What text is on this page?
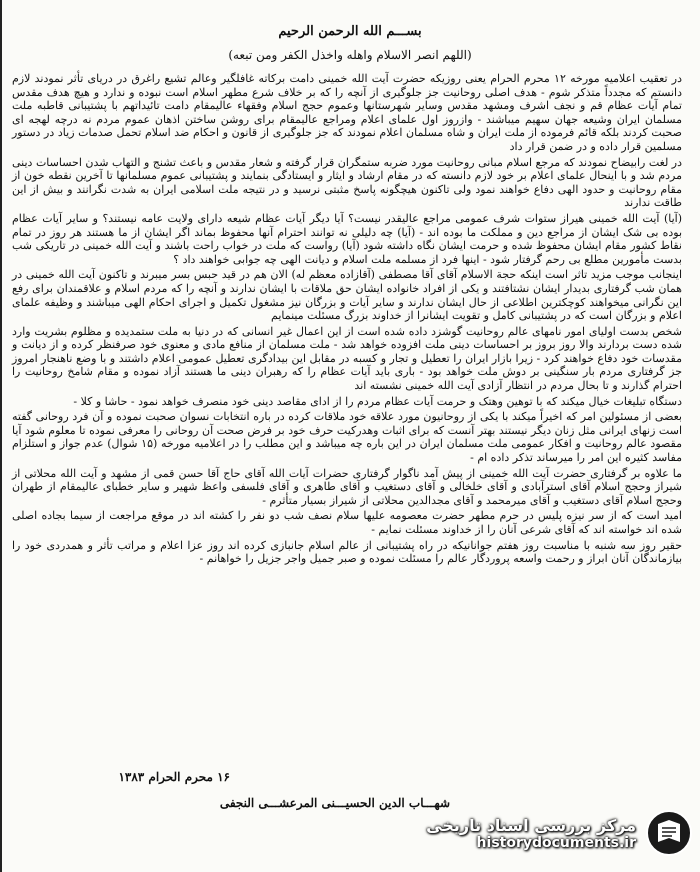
بســـم الله الرحمن الرحيم
(اللهم انصر الاسلام واهله واخذل الکفر ومن تبعه)

در تعقیب اعلامیه مورخه ۱۲ محرم الحرام یعنی روزیکه حضرت آیت الله خمینی دامت برکاته غافلگیر وعالم تشیع راغرق در دریای تأثر نمودند لازم دانستم که مجدداً متذکر شوم - هدف اصلی روحانیت جز جلوگیری از آنچه را که بر خلاف شرع مطهر اسلام است نبوده و ندارد و هیچ هدف مقدس تمام آیات عظام قم و نجف اشرف ومشهد مقدس وسایر شهرستانها وعموم حجج اسلام وفقهاء عالیمقام دامت تائیداتهم با پشتیبانی قاطبه ملت مسلمان ایران وشیعه جهان سهیم میباشند - وازروز اول علمای اعلام ومراجع عالیمقام برای روشن ساختن اذهان عموم مردم نه درچه لهجه ای صحبت کردند بلکه قائم فرموده از ملت ایران و شاه مسلمان اعلام نمودند که جز جلوگیری از قانون و احکام ضد اسلام تحمل صدمات زیاد در دستور مسلمین قرار داده و در ضمن قرار داد

در لغت رابیضاح نمودند که مرجع اسلام مبانی روحانیت مورد ضربه ستمگران قرار گرفته و شعار مقدس و باعث تشنج و التهاب شدن احساسات دینی مردم شد و با اینحال علمای اعلام بر خود لازم دانسته که در مقام ارشاد و ایثار و ایستادگی بنمایند و پشتیبانی عموم مسلمانها تا آخرین نقطه خون از مقام روحانیت و حدود الهی دفاع خواهند نمود ولی تاکنون هیچگونه پاسخ مثبتی نرسید و در نتیجه ملت اسلامی ایران به شدت نگرانند و بیش از این طاقت ندارند

(آیا) آیت الله خمینی هیراز ستوات شرف عمومی مراجع عالیقدر نیست؟ آیا دیگر آیات عظام شیعه دارای ولایت عامه نیستند؟ و سایر آیات عظام بوده بی شک ایشان از مراجع دین و مملکت ما بوده اند - (آیا) چه دلیلی نه توانند احترام آنها محفوظ بماند اگر ایشان از ما هستند هر روز در تمام نقاط کشور مقام ایشان محفوظ شده و حرمت ایشان نگاه داشته شود (آیا) رواست که ملت در خواب راحت باشند و آیت الله خمینی در تاریکی شب بدست مأمورین مطلع بی رحم گرفتار شود - اینها فرد از مسلمه ملت اسلام و دیانت الهی چه جوابی خواهند داد ؟

اینجانب موجب مزید تاثر است اینکه حجة الاسلام آقای آقا مصطفی (آقازاده معظم له) الان هم در قید حبس بسر میبرند و تاکنون آیت الله خمینی در همان شب گرفتاری بدیدار ایشان نشتافتند و یکی از افراد خانواده ایشان حق ملاقات با ایشان ندارند و آنچه را که مردم اسلام و علاقمندان برای رفع این نگرانی میخواهند کوچکترین اطلاعی از حال ایشان ندارند و سایر آیات و بزرگان نیز مشغول تکمیل و اجرای احکام الهی میباشند و وظیفه علمای اعلام و بزرگان است که در پشتیبانی کامل و تقویت ایشانرا از خداوند بزرگ مسئلت مینمایم

شخص بدست اولیای امور نامهای عالم روحانیت گوشزد داده شده است از این اعمال غیر انسانی که در دنیا به ملت ستمدیده و مظلوم بشریت وارد شده دست بردارند والا روز بروز بر احساسات دینی ملت افزوده خواهد شد - ملت مسلمان از منافع مادی و معنوی خود صرفنظر کرده و از دیانت و مقدسات خود دفاع خواهند کرد - زیرا بازار ایران را تعطیل و تجار و کسبه در مقابل این بیدادگری تعطیل عمومی اعلام داشتند و با وضع ناهنجار امروز جز گرفتاری مردم بار سنگینی بر دوش ملت خواهد بود - باری باید آیات عظام را که رهبران دینی ما هستند آزاد نموده و مقام شامخ روحانیت را احترام گذارند و تا بحال مردم در انتظار آزادی آیت الله خمینی نشسته اند

دستگاه تبلیغات خیال میکند که با توهین وهتک و حرمت آیات عظام مردم را از ادای مقاصد دینی خود منصرف خواهد نمود - حاشا و کلا -

بعضی از مسئولین امر که اخیراً میکند با یکی از روحانیون مورد علاقه خود ملاقات کرده در باره انتخابات نسوان صحبت نموده و آن فرد روحانی گفته است زنهای ایرانی مثل زنان دیگر نیستند بهتر آنست که برای اثبات وهدرکیت حرف خود بر فرض صحت آن روحانی را معرفی نموده تا معلوم شود آیا مقصود عالم روحانیت و افکار عمومی ملت مسلمان ایران در این باره چه میباشد و این مطلب را در اعلامیه مورخه (۱۵ شوال) عدم جواز و استلزام مفاسد کثیره این امر را میرساند تذکر داده ام -

ما علاوه بر گرفتاری حضرت آیت الله خمینی از پیش آمد ناگوار گرفتاری حضرات آیات الله آقای حاج آقا حسن قمی از مشهد و آیت الله محلاتی از شیراز وحجج اسلام آقای استرآبادی و آقای خلخالی و آقای دستغیب و آقای طاهری و آقای فلسفی واعظ شهیر و سایر خطبای عالیمقام از طهران وحجج اسلام آقای دستغیب و آقای میرمحمد و آقای مجدالدین محلاتی از شیراز بسیار متأثرم -

امید است که از سر نیزه پلیس در حرم مطهر حضرت معصومه علیها سلام نصف شب دو نفر را کشته اند در موقع مراجعت از سیما بجاده اصلی شده اند خواسته اند که آقای شرعی آنان را از خداوند مسئلت نمایم -

حقیر روز سه شنبه با مناسبت روز هفتم جوانانیکه در راه پشتیبانی از عالم اسلام جانبازی کرده اند روز عزا اعلام و مراتب تأثر و همدردی خود را بیازماندگان آنان ابراز و رحمت واسعه پروردگار عالم را مسئلت نموده و صبر جمیل واجر جزیل را خواهانم -

۱۶ محرم الحرام ۱۳۸۳
شهـــاب الدین الحسیـــنی المرعشـــی النجفی
مرکز بررسی اسناد تاریخی
historydocuments.ir
